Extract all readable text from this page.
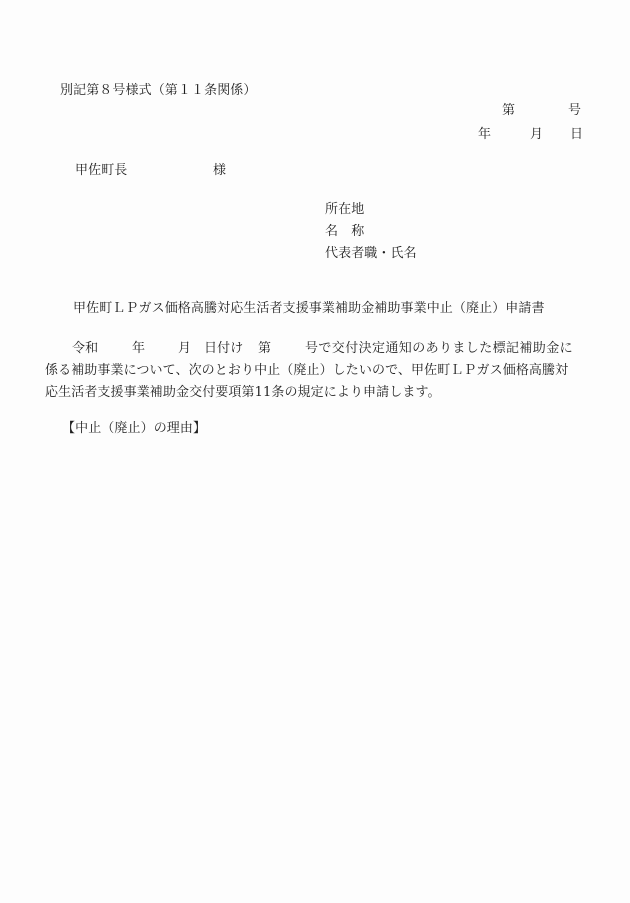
別記第８号様式（第１１条関係）
第	号
年	月 日
甲佐町長	様
所在地
名　称
代表者職・氏名
甲佐町ＬＰガス価格高騰対応生活者支援事業補助金補助事業中止（廃止）申請書
令和	年	月 日付け 第	号で交付決定通知のありました標記補助金に
係る補助事業について、次のとおり中止（廃止）したいので、甲佐町ＬＰガス価格高騰対
応生活者支援事業補助金交付要項第11条の規定により申請します。
【中止（廃止）の理由】
